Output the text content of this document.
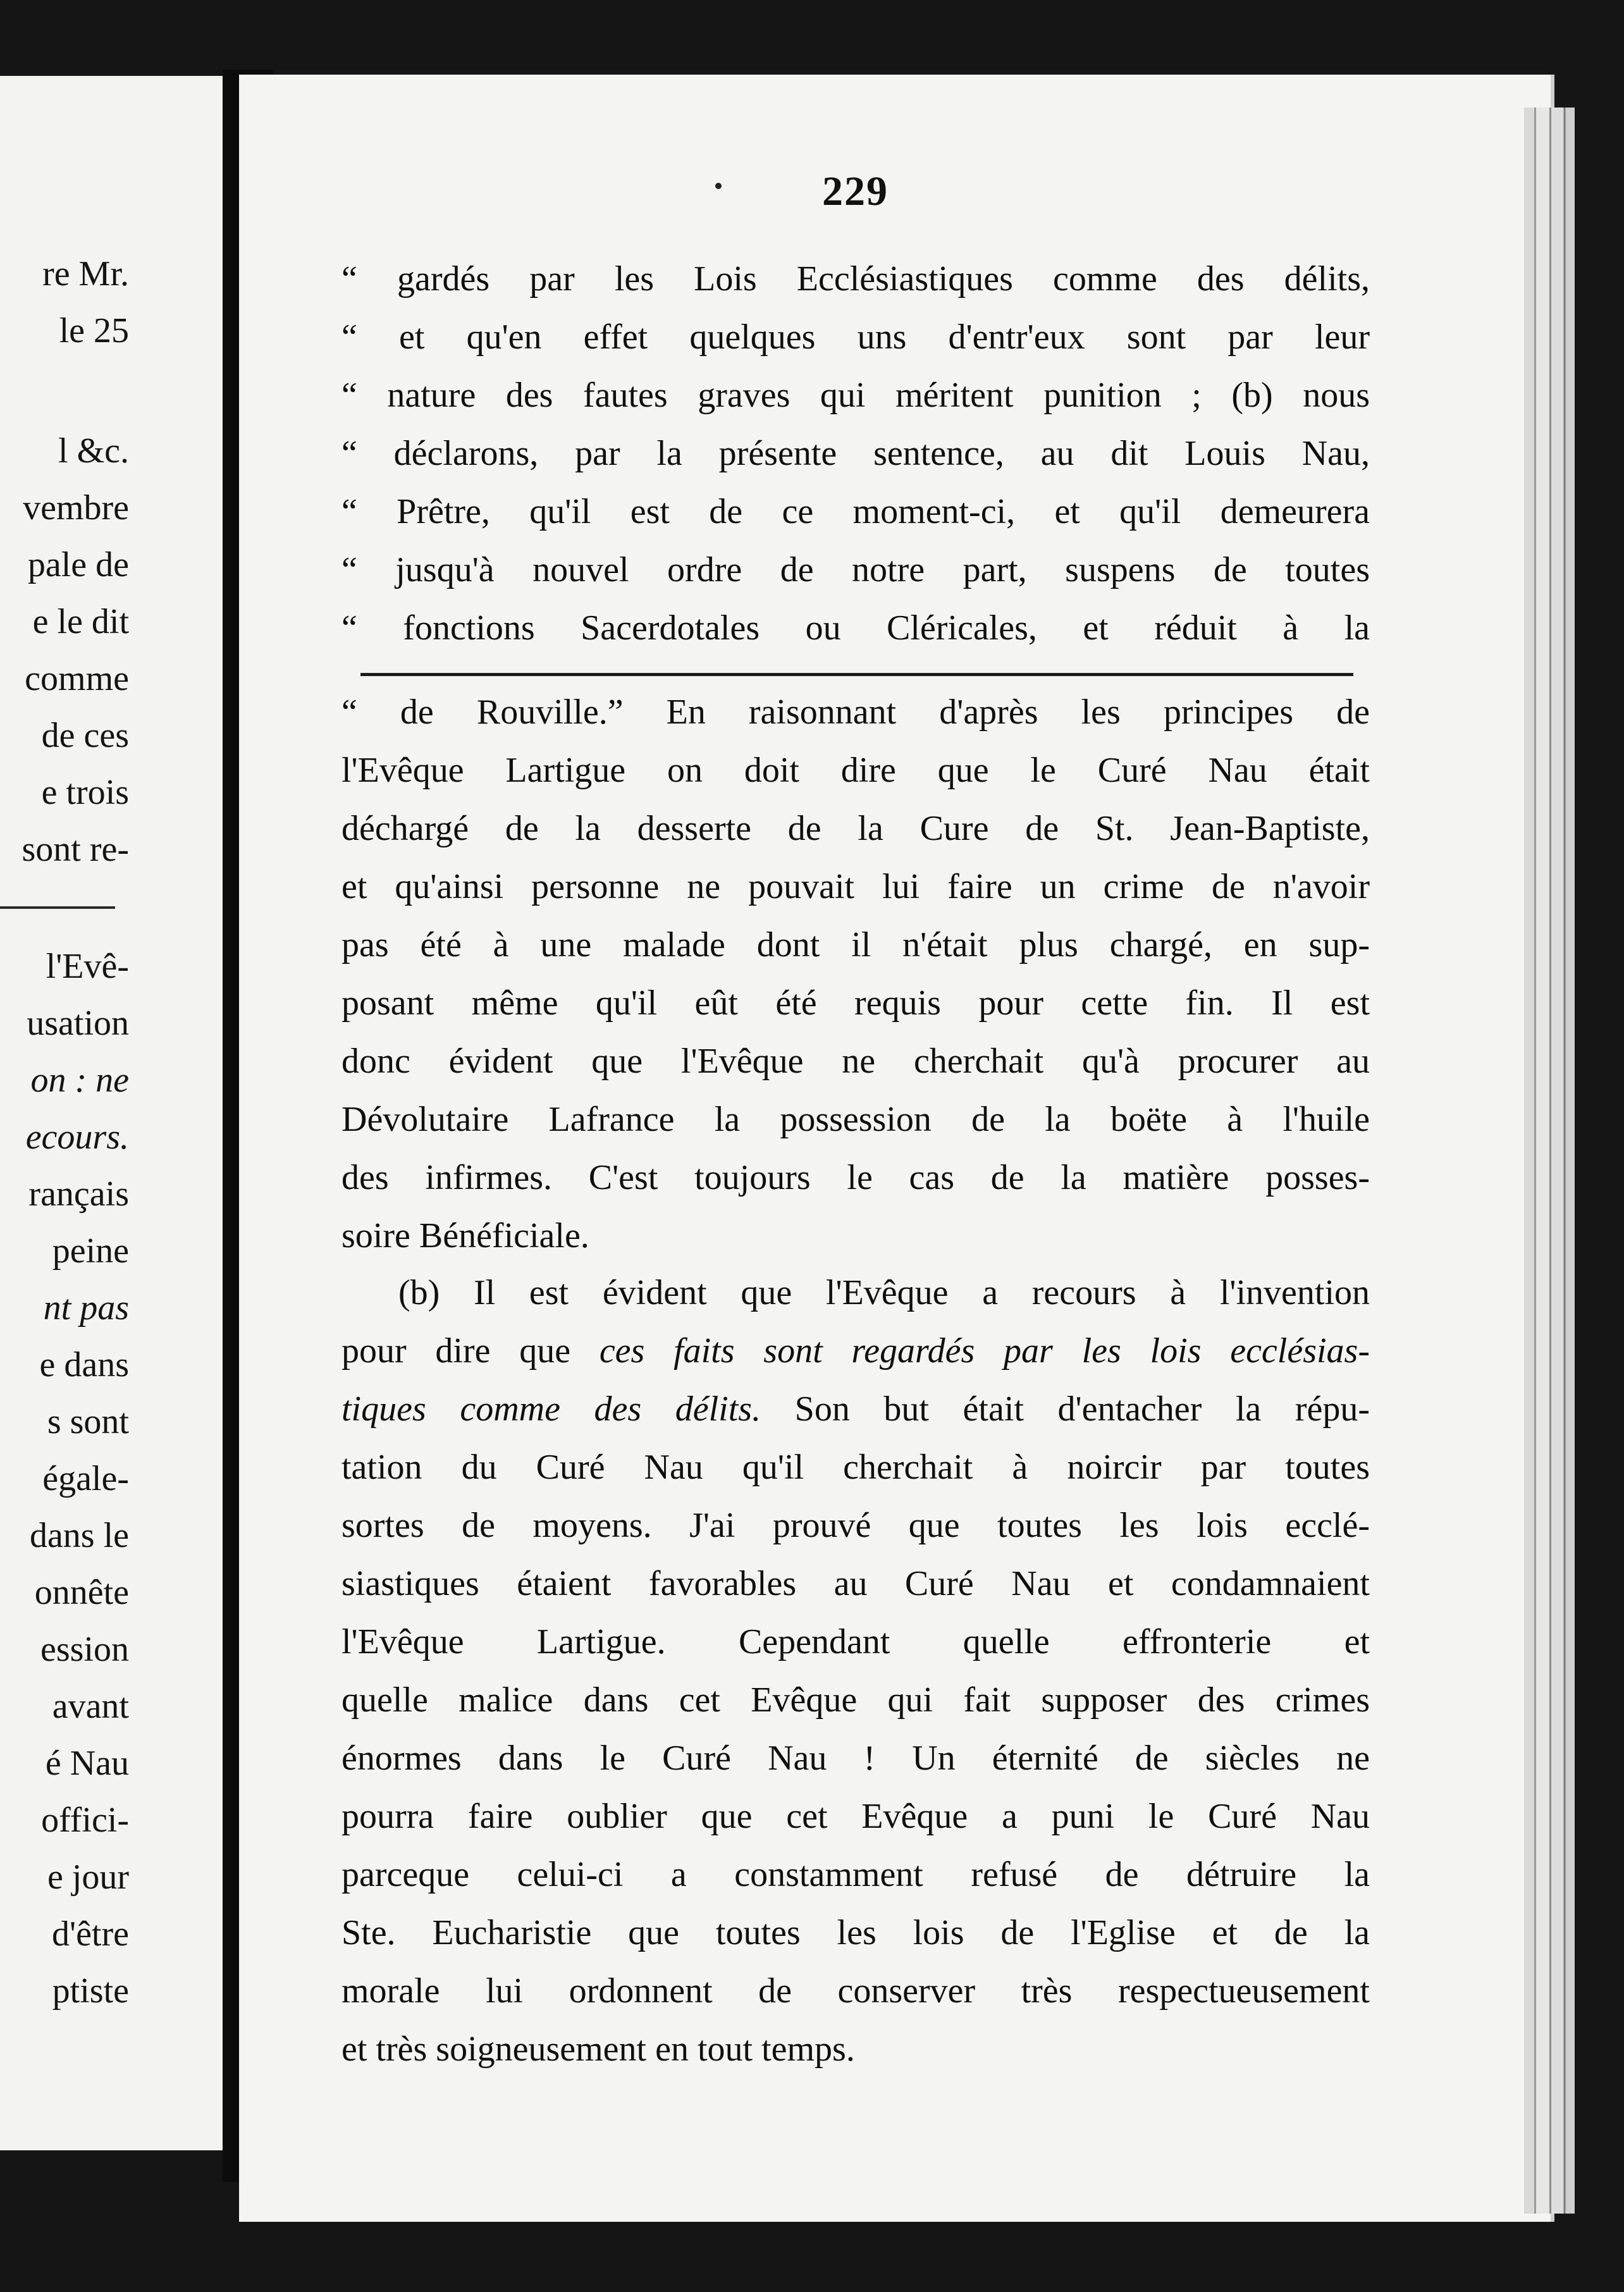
re Mr.
le 25
l &c.
vembre
pale de
e le dit
comme
de ces
e trois
sont re-
l'Evê-
usation
on : ne
ecours.
rançais
peine
nt pas
e dans
s sont
égale-
dans le
onnête
ession
avant
é Nau
offici-
e jour
d'être
ptiste
229
“ gardés par les Lois Ecclésiastiques comme des délits,
“ et qu'en effet quelques uns d'entr'eux sont par leur
“ nature des fautes graves qui méritent punition ; (b) nous
“ déclarons, par la présente sentence, au dit Louis Nau,
“ Prêtre, qu'il est de ce moment-ci, et qu'il demeurera
“ jusqu'à nouvel ordre de notre part, suspens de toutes
“ fonctions Sacerdotales ou Cléricales, et réduit à la
“ de Rouville.” En raisonnant d'après les principes de
l'Evêque Lartigue on doit dire que le Curé Nau était
déchargé de la desserte de la Cure de St. Jean-Baptiste,
et qu'ainsi personne ne pouvait lui faire un crime de n'avoir
pas été à une malade dont il n'était plus chargé, en sup-
posant même qu'il eût été requis pour cette fin. Il est
donc évident que l'Evêque ne cherchait qu'à procurer au
Dévolutaire Lafrance la possession de la boëte à l'huile
des infirmes. C'est toujours le cas de la matière posses-
soire Bénéficiale.
(b) Il est évident que l'Evêque a recours à l'invention
pour dire que ces faits sont regardés par les lois ecclésias-
tiques comme des délits. Son but était d'entacher la répu-
tation du Curé Nau qu'il cherchait à noircir par toutes
sortes de moyens. J'ai prouvé que toutes les lois ecclé-
siastiques étaient favorables au Curé Nau et condamnaient
l'Evêque Lartigue. Cependant quelle effronterie et
quelle malice dans cet Evêque qui fait supposer des crimes
énormes dans le Curé Nau ! Un éternité de siècles ne
pourra faire oublier que cet Evêque a puni le Curé Nau
parceque celui-ci a constamment refusé de détruire la
Ste. Eucharistie que toutes les lois de l'Eglise et de la
morale lui ordonnent de conserver très respectueusement
et très soigneusement en tout temps.
